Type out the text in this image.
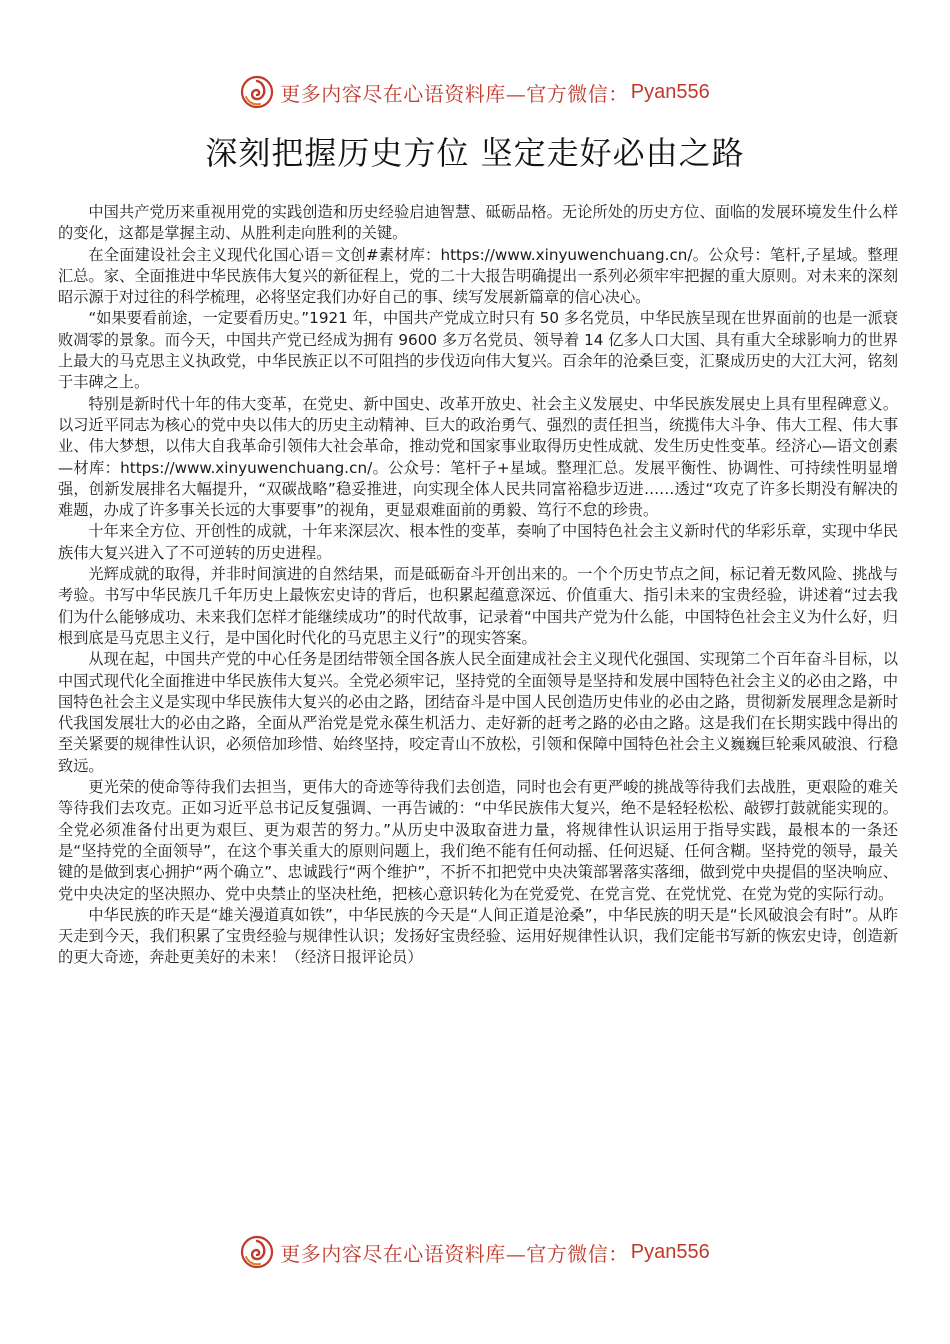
更多内容尽在心语资料库—官方微信： Pyan556
深刻把握历史方位 坚定走好必由之路

中国共产党历来重视用党的实践创造和历史经验启迪智慧、砥砺品格。无论所处的历史方位、面临的发展环境发生什么样的变化，这都是掌握主动、从胜利走向胜利的关键。

在全面建设社会主义现代化国心语＝文创#素材库：https://www.xinyuwenchuang.cn/。公众号：笔杆,子星域。整理汇总。家、全面推进中华民族伟大复兴的新征程上，党的二十大报告明确提出一系列必须牢牢把握的重大原则。对未来的深刻昭示源于对过往的科学梳理，必将坚定我们办好自己的事、续写发展新篇章的信心决心。

“如果要看前途，一定要看历史。”1921 年，中国共产党成立时只有 50 多名党员，中华民族呈现在世界面前的也是一派衰败凋零的景象。而今天，中国共产党已经成为拥有 9600 多万名党员、领导着 14 亿多人口大国、具有重大全球影响力的世界上最大的马克思主义执政党，中华民族正以不可阻挡的步伐迈向伟大复兴。百余年的沧桑巨变，汇聚成历史的大江大河，铭刻于丰碑之上。

特别是新时代十年的伟大变革，在党史、新中国史、改革开放史、社会主义发展史、中华民族发展史上具有里程碑意义。以习近平同志为核心的党中央以伟大的历史主动精神、巨大的政治勇气、强烈的责任担当，统揽伟大斗争、伟大工程、伟大事业、伟大梦想，以伟大自我革命引领伟大社会革命，推动党和国家事业取得历史性成就、发生历史性变革。经济心—语文创素—材库：https://www.xinyuwenchuang.cn/。公众号：笔杆子+星域。整理汇总。发展平衡性、协调性、可持续性明显增强，创新发展排名大幅提升，“双碳战略”稳妥推进，向实现全体人民共同富裕稳步迈进……透过“攻克了许多长期没有解决的难题，办成了许多事关长远的大事要事”的视角，更显艰难面前的勇毅、笃行不怠的珍贵。

十年来全方位、开创性的成就，十年来深层次、根本性的变革，奏响了中国特色社会主义新时代的华彩乐章，实现中华民族伟大复兴进入了不可逆转的历史进程。

光辉成就的取得，并非时间演进的自然结果，而是砥砺奋斗开创出来的。一个个历史节点之间，标记着无数风险、挑战与考验。书写中华民族几千年历史上最恢宏史诗的背后，也积累起蕴意深远、价值重大、指引未来的宝贵经验，讲述着“过去我们为什么能够成功、未来我们怎样才能继续成功”的时代故事，记录着“中国共产党为什么能，中国特色社会主义为什么好，归根到底是马克思主义行，是中国化时代化的马克思主义行”的现实答案。

从现在起，中国共产党的中心任务是团结带领全国各族人民全面建成社会主义现代化强国、实现第二个百年奋斗目标，以中国式现代化全面推进中华民族伟大复兴。全党必须牢记，坚持党的全面领导是坚持和发展中国特色社会主义的必由之路，中国特色社会主义是实现中华民族伟大复兴的必由之路，团结奋斗是中国人民创造历史伟业的必由之路，贯彻新发展理念是新时代我国发展壮大的必由之路，全面从严治党是党永葆生机活力、走好新的赶考之路的必由之路。这是我们在长期实践中得出的至关紧要的规律性认识，必须倍加珍惜、始终坚持，咬定青山不放松，引领和保障中国特色社会主义巍巍巨轮乘风破浪、行稳致远。

更光荣的使命等待我们去担当，更伟大的奇迹等待我们去创造，同时也会有更严峻的挑战等待我们去战胜，更艰险的难关等待我们去攻克。正如习近平总书记反复强调、一再告诫的：“中华民族伟大复兴，绝不是轻轻松松、敲锣打鼓就能实现的。全党必须准备付出更为艰巨、更为艰苦的努力。”从历史中汲取奋进力量，将规律性认识运用于指导实践，最根本的一条还是“坚持党的全面领导”，在这个事关重大的原则问题上，我们绝不能有任何动摇、任何迟疑、任何含糊。坚持党的领导，最关键的是做到衷心拥护“两个确立”、忠诚践行“两个维护”，不折不扣把党中央决策部署落实落细，做到党中央提倡的坚决响应、党中央决定的坚决照办、党中央禁止的坚决杜绝，把核心意识转化为在党爱党、在党言党、在党忧党、在党为党的实际行动。

中华民族的昨天是“雄关漫道真如铁”，中华民族的今天是“人间正道是沧桑”，中华民族的明天是“长风破浪会有时”。从昨天走到今天，我们积累了宝贵经验与规律性认识；发扬好宝贵经验、运用好规律性认识，我们定能书写新的恢宏史诗，创造新的更大奇迹，奔赴更美好的未来！（经济日报评论员）

更多内容尽在心语资料库—官方微信： Pyan556
